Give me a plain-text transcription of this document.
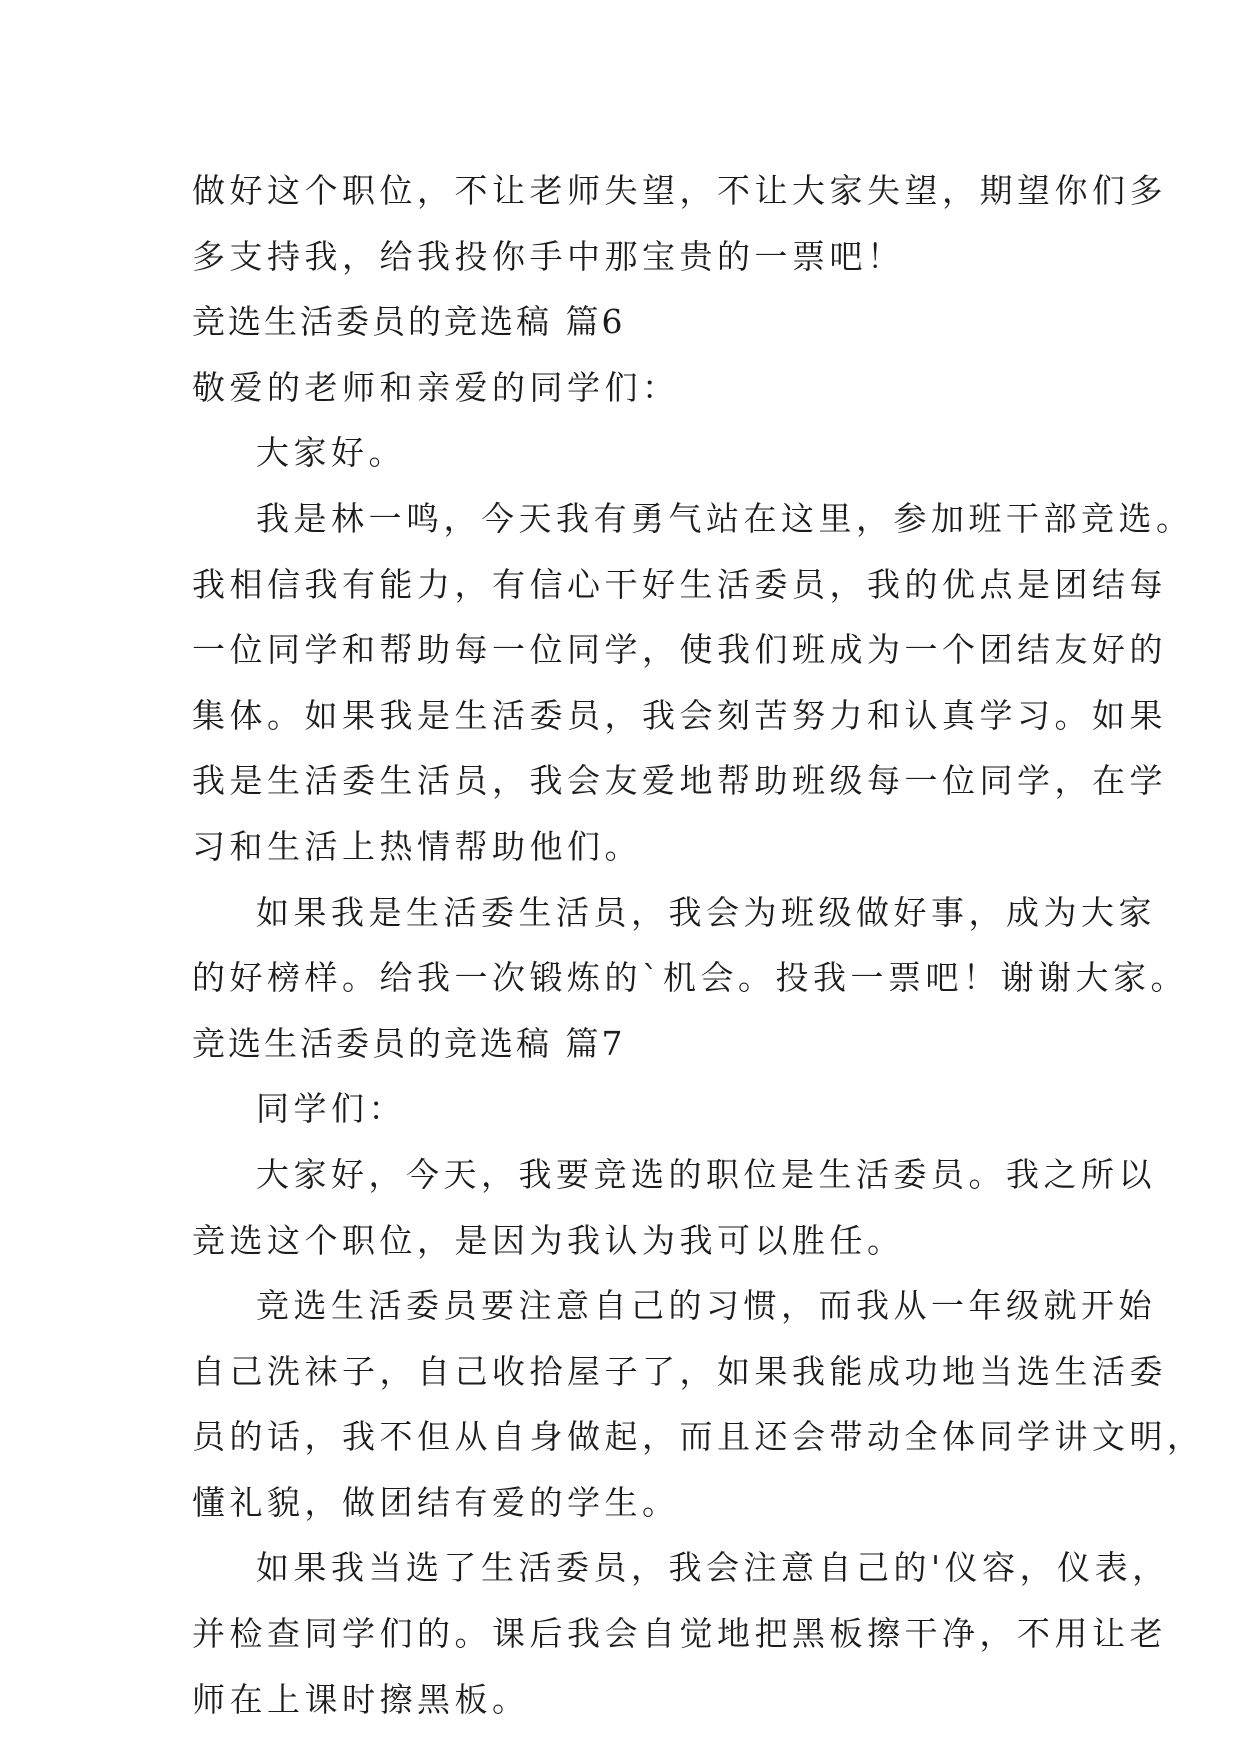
做好这个职位，不让老师失望，不让大家失望，期望你们多
多支持我，给我投你手中那宝贵的一票吧！
竞选生活委员的竞选稿 篇6
敬爱的老师和亲爱的同学们：
大家好。
我是林一鸣，今天我有勇气站在这里，参加班干部竞选。
我相信我有能力，有信心干好生活委员，我的优点是团结每
一位同学和帮助每一位同学，使我们班成为一个团结友好的
集体。如果我是生活委员，我会刻苦努力和认真学习。如果
我是生活委生活员，我会友爱地帮助班级每一位同学，在学
习和生活上热情帮助他们。
如果我是生活委生活员，我会为班级做好事，成为大家
的好榜样。给我一次锻炼的`机会。投我一票吧！谢谢大家。
竞选生活委员的竞选稿 篇7
同学们：
大家好，今天，我要竞选的职位是生活委员。我之所以
竞选这个职位，是因为我认为我可以胜任。
竞选生活委员要注意自己的习惯，而我从一年级就开始
自己洗袜子，自己收拾屋子了，如果我能成功地当选生活委
员的话，我不但从自身做起，而且还会带动全体同学讲文明，
懂礼貌，做团结有爱的学生。
如果我当选了生活委员，我会注意自己的'仪容，仪表，
并检查同学们的。课后我会自觉地把黑板擦干净，不用让老
师在上课时擦黑板。
